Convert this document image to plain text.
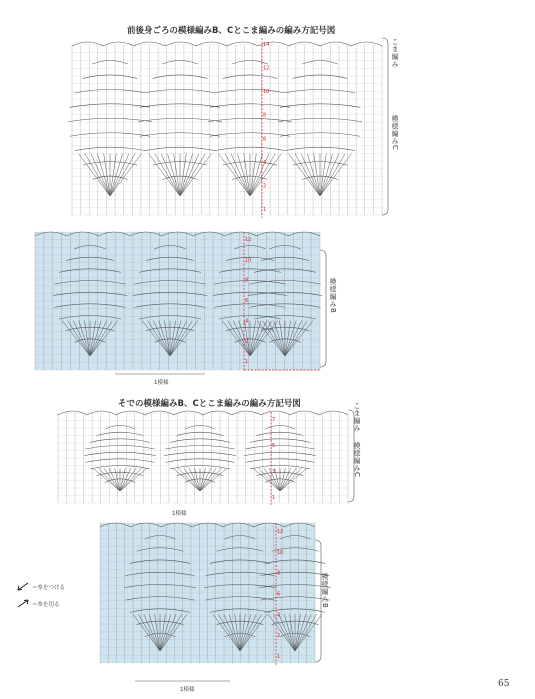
前後身ごろの模様編みB、Cとこま編みの編み方記号図
14
12
10
8
6
4
2
1
12
10
8
6
4
2
1
7
5
3
1
12
10
8
6
4
2
1
こま編み
模様編みC
模様編みB
1模様
そでの模様編みB、Cとこま編みの編み方記号図	こま編み
模様編みC
1模様
模様編みB
1模様
＝糸をつける
＝糸を切る
65
